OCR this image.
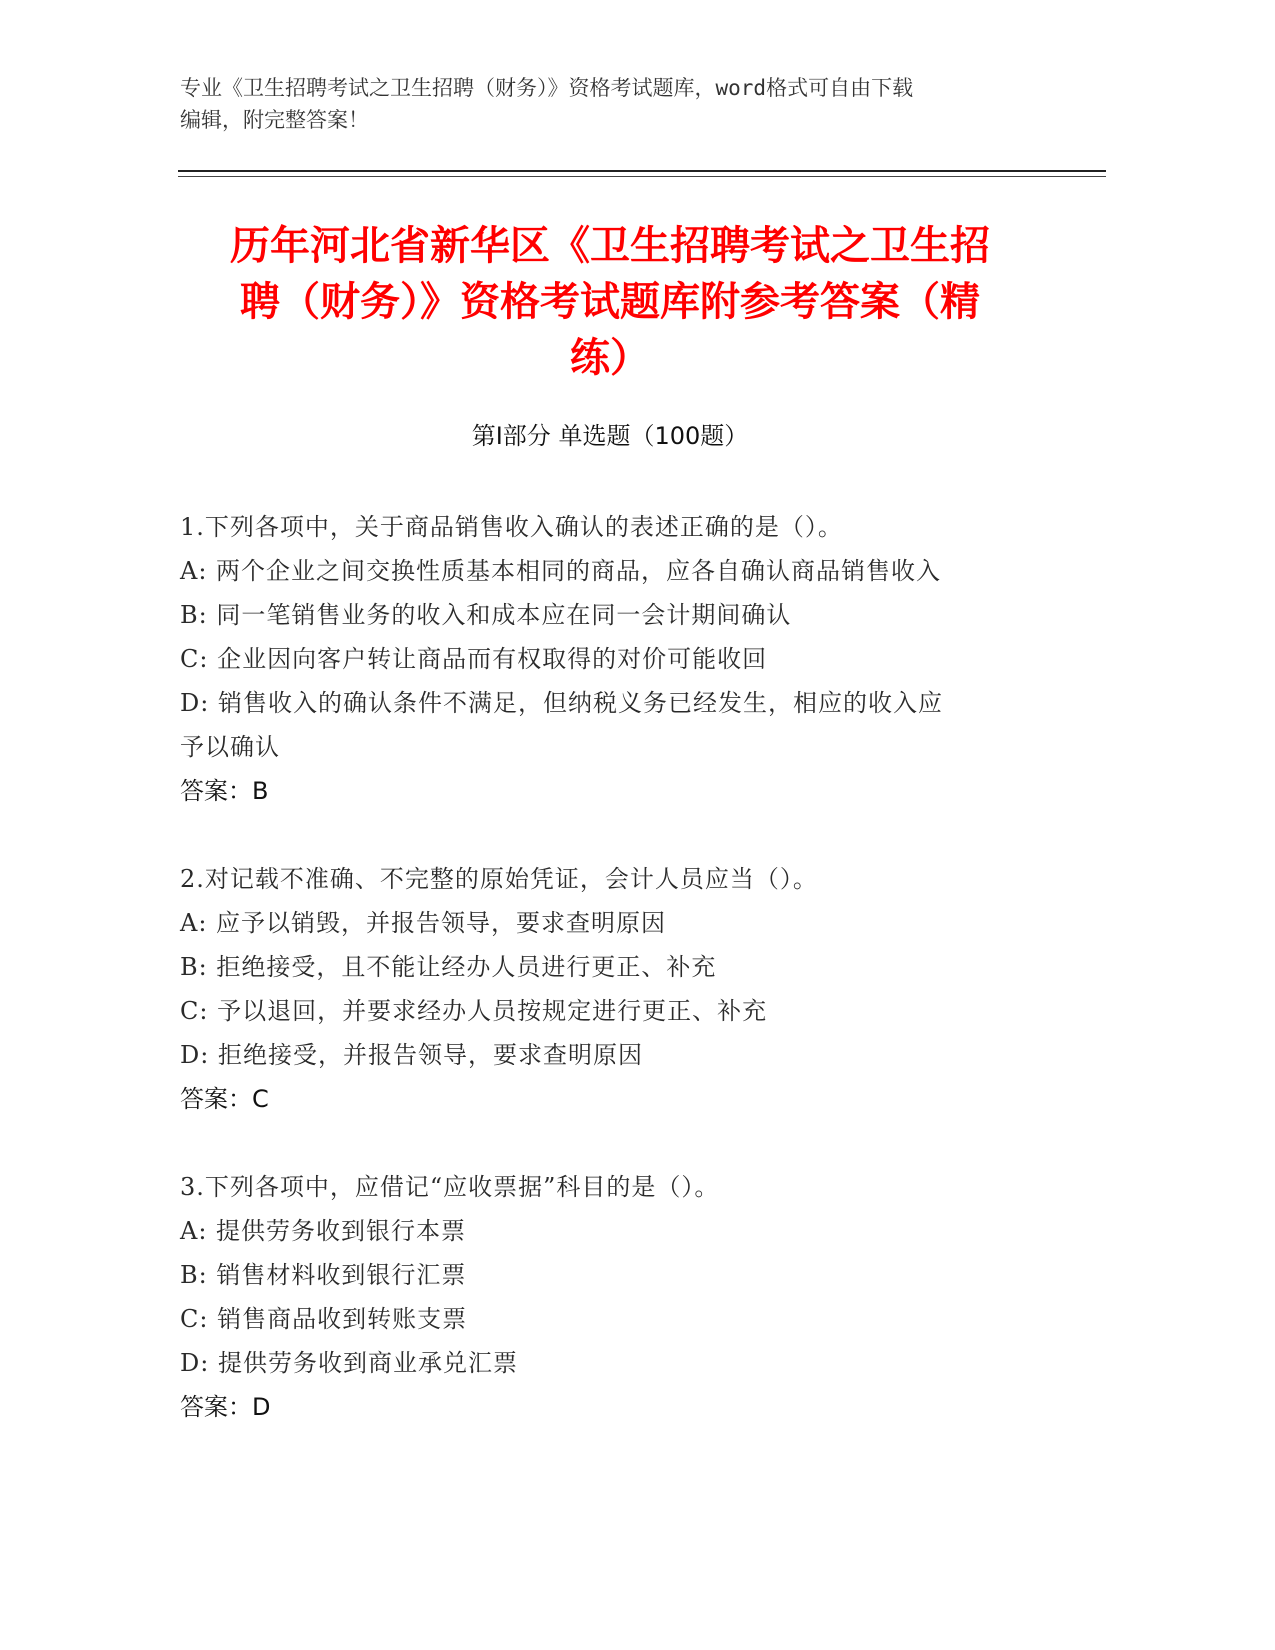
专业《卫生招聘考试之卫生招聘（财务）》资格考试题库，word格式可自由下载
编辑，附完整答案！
历年河北省新华区《卫生招聘考试之卫生招
聘（财务）》资格考试题库附参考答案（精
练）
第Ⅰ部分 单选题（100题）
1.下列各项中，关于商品销售收入确认的表述正确的是（）。
A: 两个企业之间交换性质基本相同的商品，应各自确认商品销售收入
B: 同一笔销售业务的收入和成本应在同一会计期间确认
C: 企业因向客户转让商品而有权取得的对价可能收回
D: 销售收入的确认条件不满足，但纳税义务已经发生，相应的收入应
予以确认
答案：B
2.对记载不准确、不完整的原始凭证，会计人员应当（）。
A: 应予以销毁，并报告领导，要求查明原因
B: 拒绝接受，且不能让经办人员进行更正、补充
C: 予以退回，并要求经办人员按规定进行更正、补充
D: 拒绝接受，并报告领导，要求查明原因
答案：C
3.下列各项中，应借记“应收票据”科目的是（）。
A: 提供劳务收到银行本票
B: 销售材料收到银行汇票
C: 销售商品收到转账支票
D: 提供劳务收到商业承兑汇票
答案：D
